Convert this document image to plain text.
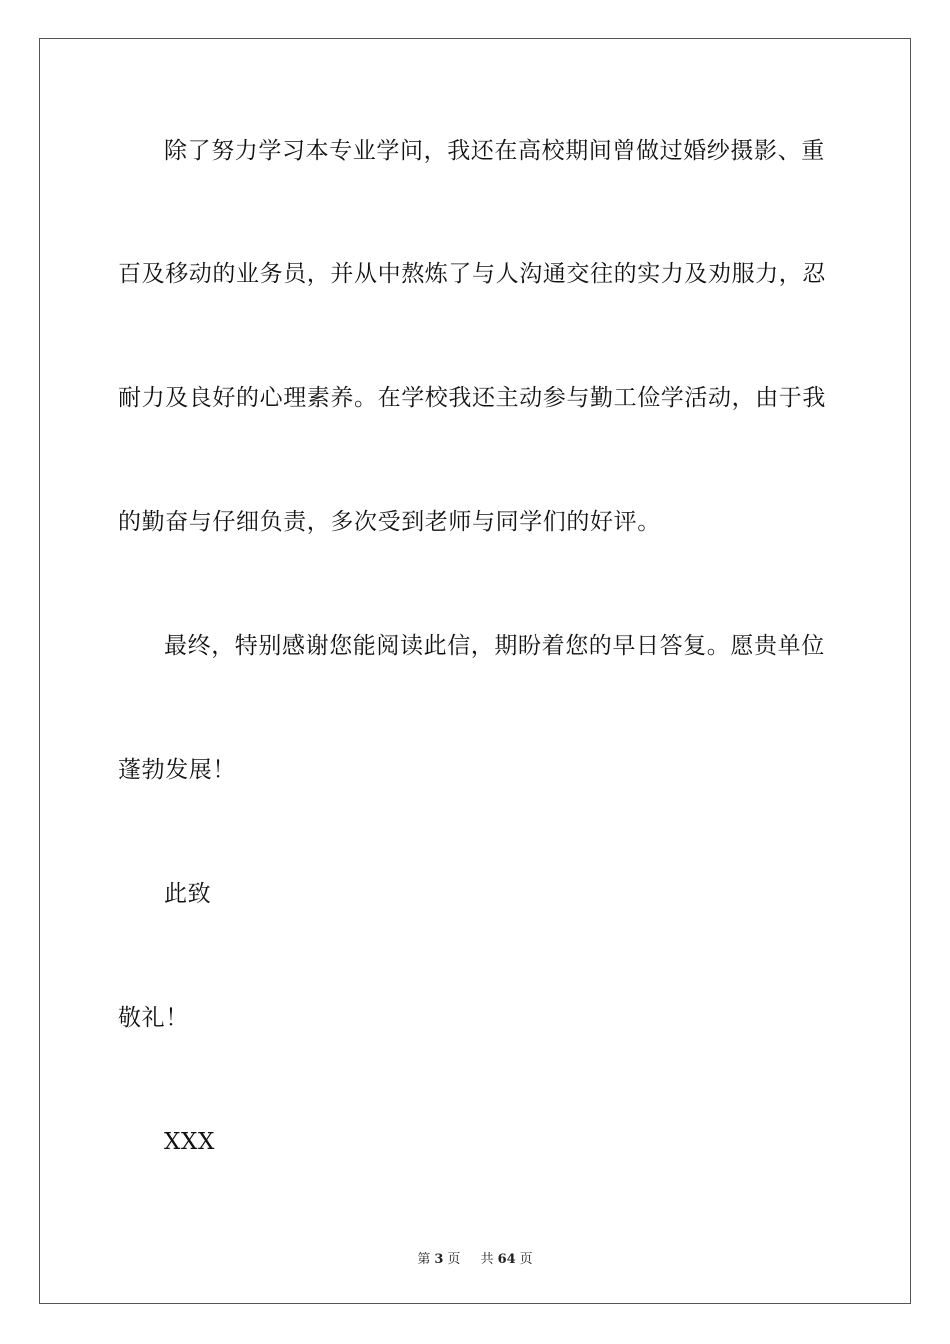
除了努力学习本专业学问，我还在高校期间曾做过婚纱摄影、重
百及移动的业务员，并从中熬炼了与人沟通交往的实力及劝服力，忍
耐力及良好的心理素养。在学校我还主动参与勤工俭学活动，由于我
的勤奋与仔细负责，多次受到老师与同学们的好评。
最终，特别感谢您能阅读此信，期盼着您的早日答复。愿贵单位
蓬勃发展！
此致
敬礼！
XXX
第 3 页 共 64 页
